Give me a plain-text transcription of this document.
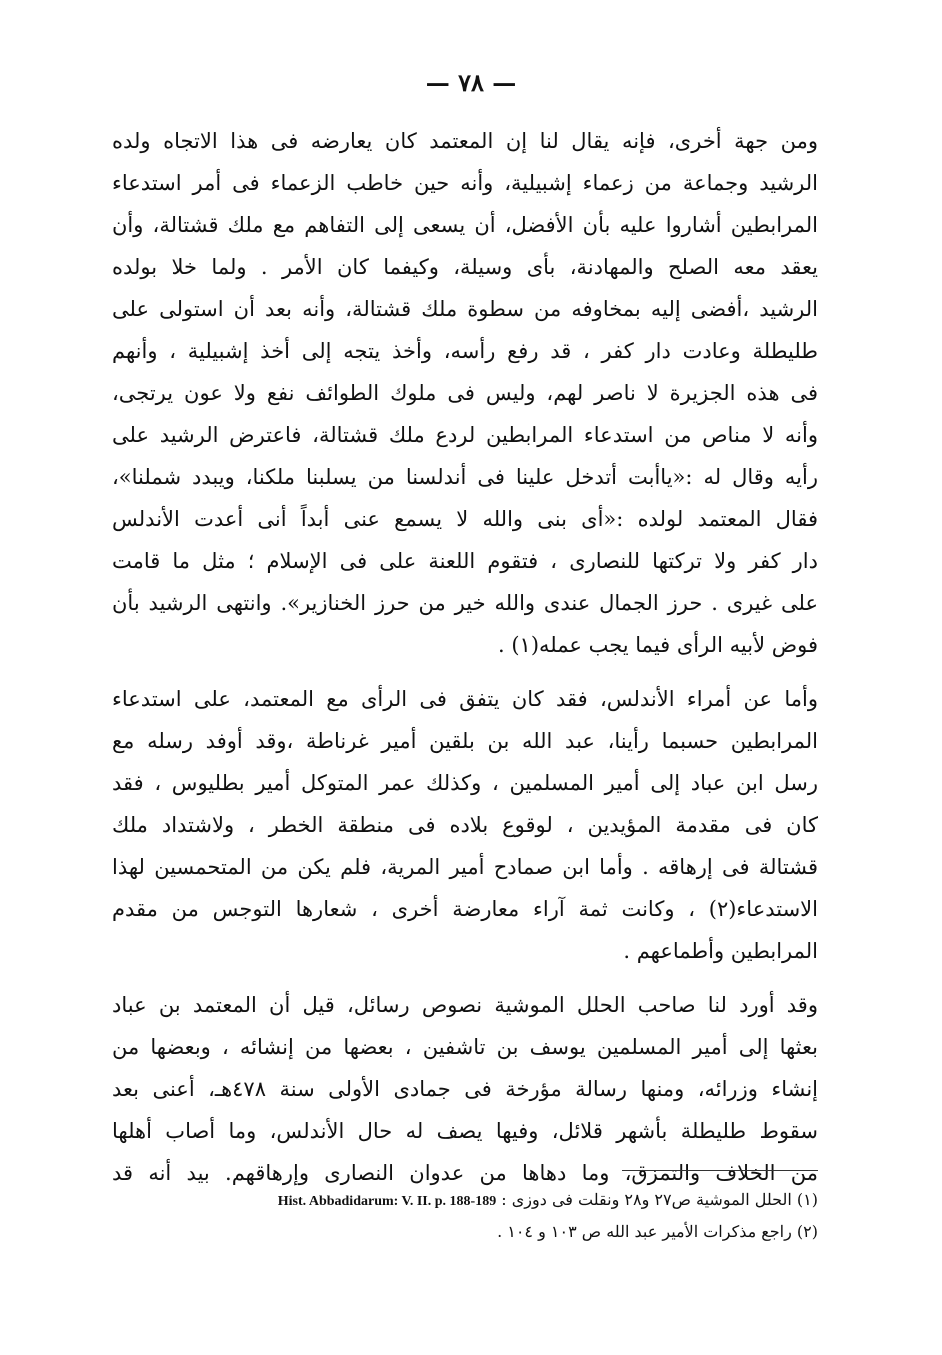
— ٧٨ —
ومن جهة أخرى، فإنه يقال لنا إن المعتمد كان يعارضه فى هذا الاتجاه ولده
الرشيد وجماعة من زعماء إشبيلية، وأنه حين خاطب الزعماء فى أمر استدعاء
المرابطين أشاروا عليه بأن الأفضل، أن يسعى إلى التفاهم مع ملك قشتالة، وأن
يعقد معه الصلح والمهادنة، بأى وسيلة، وكيفما كان الأمر . ولما خلا بولده
الرشيد ،أفضى إليه بمخاوفه من سطوة ملك قشتالة، وأنه بعد أن استولى على
طليطلة وعادت دار كفر ، قد رفع رأسه، وأخذ يتجه إلى أخذ إشبيلية ، وأنهم
فى هذه الجزيرة لا ناصر لهم، وليس فى ملوك الطوائف نفع ولا عون يرتجى،
وأنه لا مناص من استدعاء المرابطين لردع ملك قشتالة، فاعترض الرشيد على
رأيه وقال له :«ياأبت أتدخل علينا فى أندلسنا من يسلبنا ملكنا، ويبدد شملنا»،
فقال المعتمد لولده :«أى بنى والله لا يسمع عنى أبداً أنى أعدت الأندلس
دار كفر ولا تركتها للنصارى ، فتقوم اللعنة على فى الإسلام ؛ مثل ما قامت
على غيرى . حرز الجمال عندى والله خير من حرز الخنازير». وانتهى الرشيد بأن
فوض لأبيه الرأى فيما يجب عمله(١) .
وأما عن أمراء الأندلس، فقد كان يتفق فى الرأى مع المعتمد، على استدعاء
المرابطين حسبما رأينا، عبد الله بن بلقين أمير غرناطة ،وقد أوفد رسله مع
رسل ابن عباد إلى أمير المسلمين ، وكذلك عمر المتوكل أمير بطليوس ، فقد
كان فى مقدمة المؤيدين ، لوقوع بلاده فى منطقة الخطر ، ولاشتداد ملك
قشتالة فى إرهاقه . وأما ابن صمادح أمير المرية، فلم يكن من المتحمسين لهذا
الاستدعاء(٢) ، وكانت ثمة آراء معارضة أخرى ، شعارها التوجس من مقدم
المرابطين وأطماعهم .
وقد أورد لنا صاحب الحلل الموشية نصوص رسائل، قيل أن المعتمد بن عباد
بعثها إلى أمير المسلمين يوسف بن تاشفين ، بعضها من إنشائه ، وبعضها من
إنشاء وزرائه، ومنها رسالة مؤرخة فى جمادى الأولى سنة ٤٧٨هـ، أعنى بعد
سقوط طليطلة بأشهر قلائل، وفيها يصف له حال الأندلس، وما أصاب أهلها
من الخلاف والتمزق، وما دهاها من عدوان النصارى وإرهاقهم. بيد أنه قد
(١) الحلل الموشية ص٢٧ و٢٨ ونقلت فى دوزى : Hist. Abbadidarum: V. II. p. 188-189
(٢) راجع مذكرات الأمير عبد الله ص ١٠٣ و ١٠٤ .
